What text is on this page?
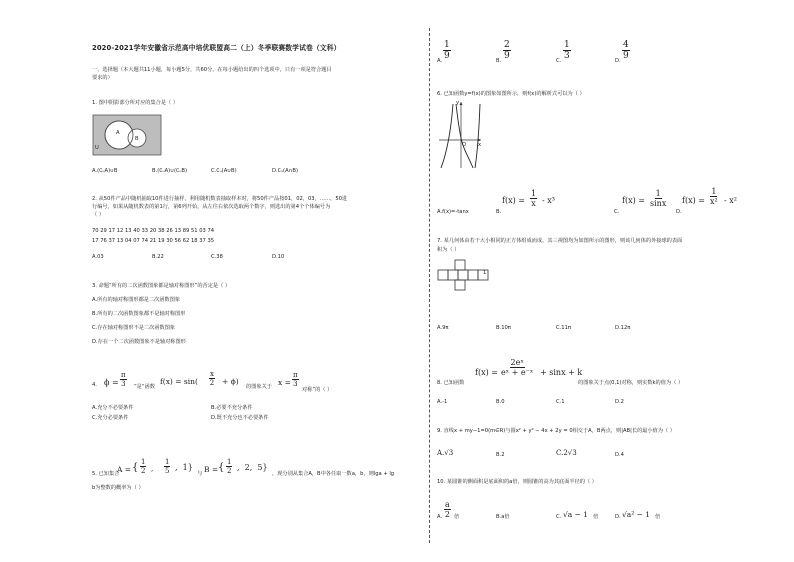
2020-2021学年安徽省示范高中培优联盟高二（上）冬季联赛数学试卷（文科）
一、选择题（本大题共11小题，每小题5分，共60分，在每小题给出的四个选项中，只有一项是符合题目
要求的）
1. 图中阴影部分所对应的集合是（ ）
A
B
U
A.(∁ᵤA)∪B	B.(∁ᵤA)∪(∁ᵤB)	C.∁ᵤ(A∪B)	D.∁ᵤ(A∩B)
2. 从50件产品中随机抽取10件进行抽样，利用随机数表抽取样本时，将50件产品按01，02，03，……，50进
行编号，如果从随机数表的第1行，第6列开始，从左往右依次选取两个数字，则选出的第4个个体编号为
（ ）
70 29 17 12 13 40 33 20 38 26 13 89 51 03 74
17 76 37 13 04 07 74 21 19 30 56 62 18 37 35
A.03	B.22	C.38	D.10
3. 命题“所有的二次函数图象都是轴对称图形”的否定是（ ）
A.所有的轴对称图形都是二次函数图象
B.所有的二次函数图象都不是轴对称图形
C.存在轴对称图形不是二次函数图象
D.存在一个二次函数图象不是轴对称图形
4. $\phi = \frac{\pi}{3}$ ”是“函数
$f(x) = \sin( \frac{x}{2} + \phi)$
的图象关于 $x = \frac{\pi}{3}$
对称”的（ ）
A.充分不必要条件	B.必要不充分条件
C.充分必要条件	D.既不充分也不必要条件
5. 已知集合
A = { $\frac{1}{2}$ , $\frac{1}{5}$ ,  1}
与 B = { $\frac{1}{2}$ ,  2,  5}
，现分别从集合A，B中各任取一数a，b，则lga + lg
b为整数的概率为（ ）
A. $\frac{1}{9}$	B. $\frac{2}{9}$	C. $\frac{1}{3}$	D. $\frac{4}{9}$
6. 已知函数y=f(x)的图象如图所示，则f(x)的解析式可以为（ ）
y
x
O
A.f(x)=-tanx	B.
$f(x) = \frac{1}{x} - x^3$
C.
$f(x) = \frac{1}{\sin x}$
D.
$f(x) = \frac{1}{\text{x²}} - x^2$
7. 某几何体由若干大小相同的正方体组成而成，其三视图均为如图所示的图形，则该几何体的外接球的表面
积为（ ）
1
A.9π	B.10π	C.11π	D.12π
8. 已知函数
$f(x) = \frac{\text{2eˣ}}{\text{eˣ + e⁻ˣ}} + \sin x + k$
的图象关于点(0,1)对称，则实数k的值为（ ）
A.-1	B.0	C.1	D.2
9. 直线x + my−1=0(m∈R)与圆x² + y² − 4x + 2y = 0相交于A，B两点，则|AB|长的最小值为（ ）
A.√3	B.2	C.2√3	D.4
10. 某圆锥的侧面积是底面积的a倍，则圆锥的高为其底面半径的（ ）
A. $\frac{a}{2}$ 倍	B.a倍	C. √a − 1 倍	D. √a² − 1 倍
